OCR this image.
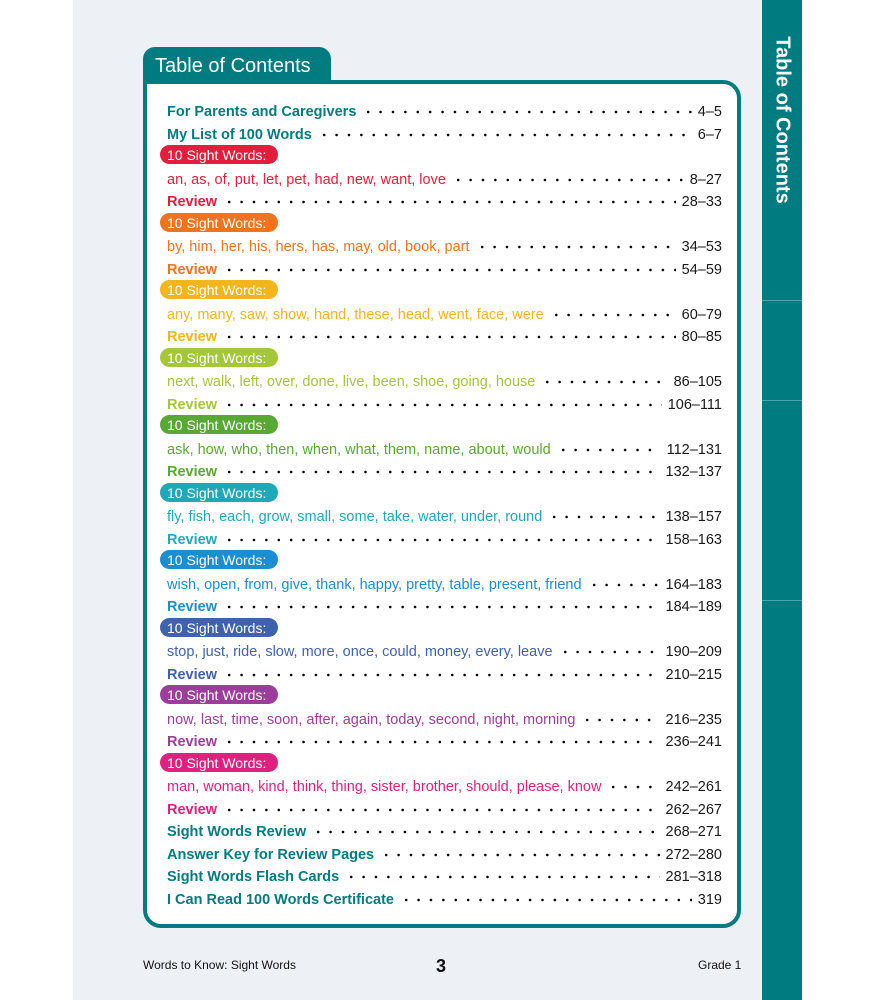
Table of Contents
Table of Contents
For Parents and Caregivers	4–5
My List of 100 Words	6–7
10 Sight Words:
an, as, of, put, let, pet, had, new, want, love	8–27
Review	28–33
10 Sight Words:
by, him, her, his, hers, has, may, old, book, part	34–53
Review	54–59
10 Sight Words:
any, many, saw, show, hand, these, head, went, face, were	60–79
Review	80–85
10 Sight Words:
next, walk, left, over, done, live, been, shoe, going, house	86–105
Review	106–111
10 Sight Words:
ask, how, who, then, when, what, them, name, about, would	112–131
Review	132–137
10 Sight Words:
fly, fish, each, grow, small, some, take, water, under, round	138–157
Review	158–163
10 Sight Words:
wish, open, from, give, thank, happy, pretty, table, present, friend	164–183
Review	184–189
10 Sight Words:
stop, just, ride, slow, more, once, could, money, every, leave	190–209
Review	210–215
10 Sight Words:
now, last, time, soon, after, again, today, second, night, morning	216–235
Review	236–241
10 Sight Words:
man, woman, kind, think, thing, sister, brother, should, please, know	242–261
Review	262–267
Sight Words Review	268–271
Answer Key for Review Pages	272–280
Sight Words Flash Cards	281–318
I Can Read 100 Words Certificate	319
Words to Know: Sight Words	3	Grade 1
